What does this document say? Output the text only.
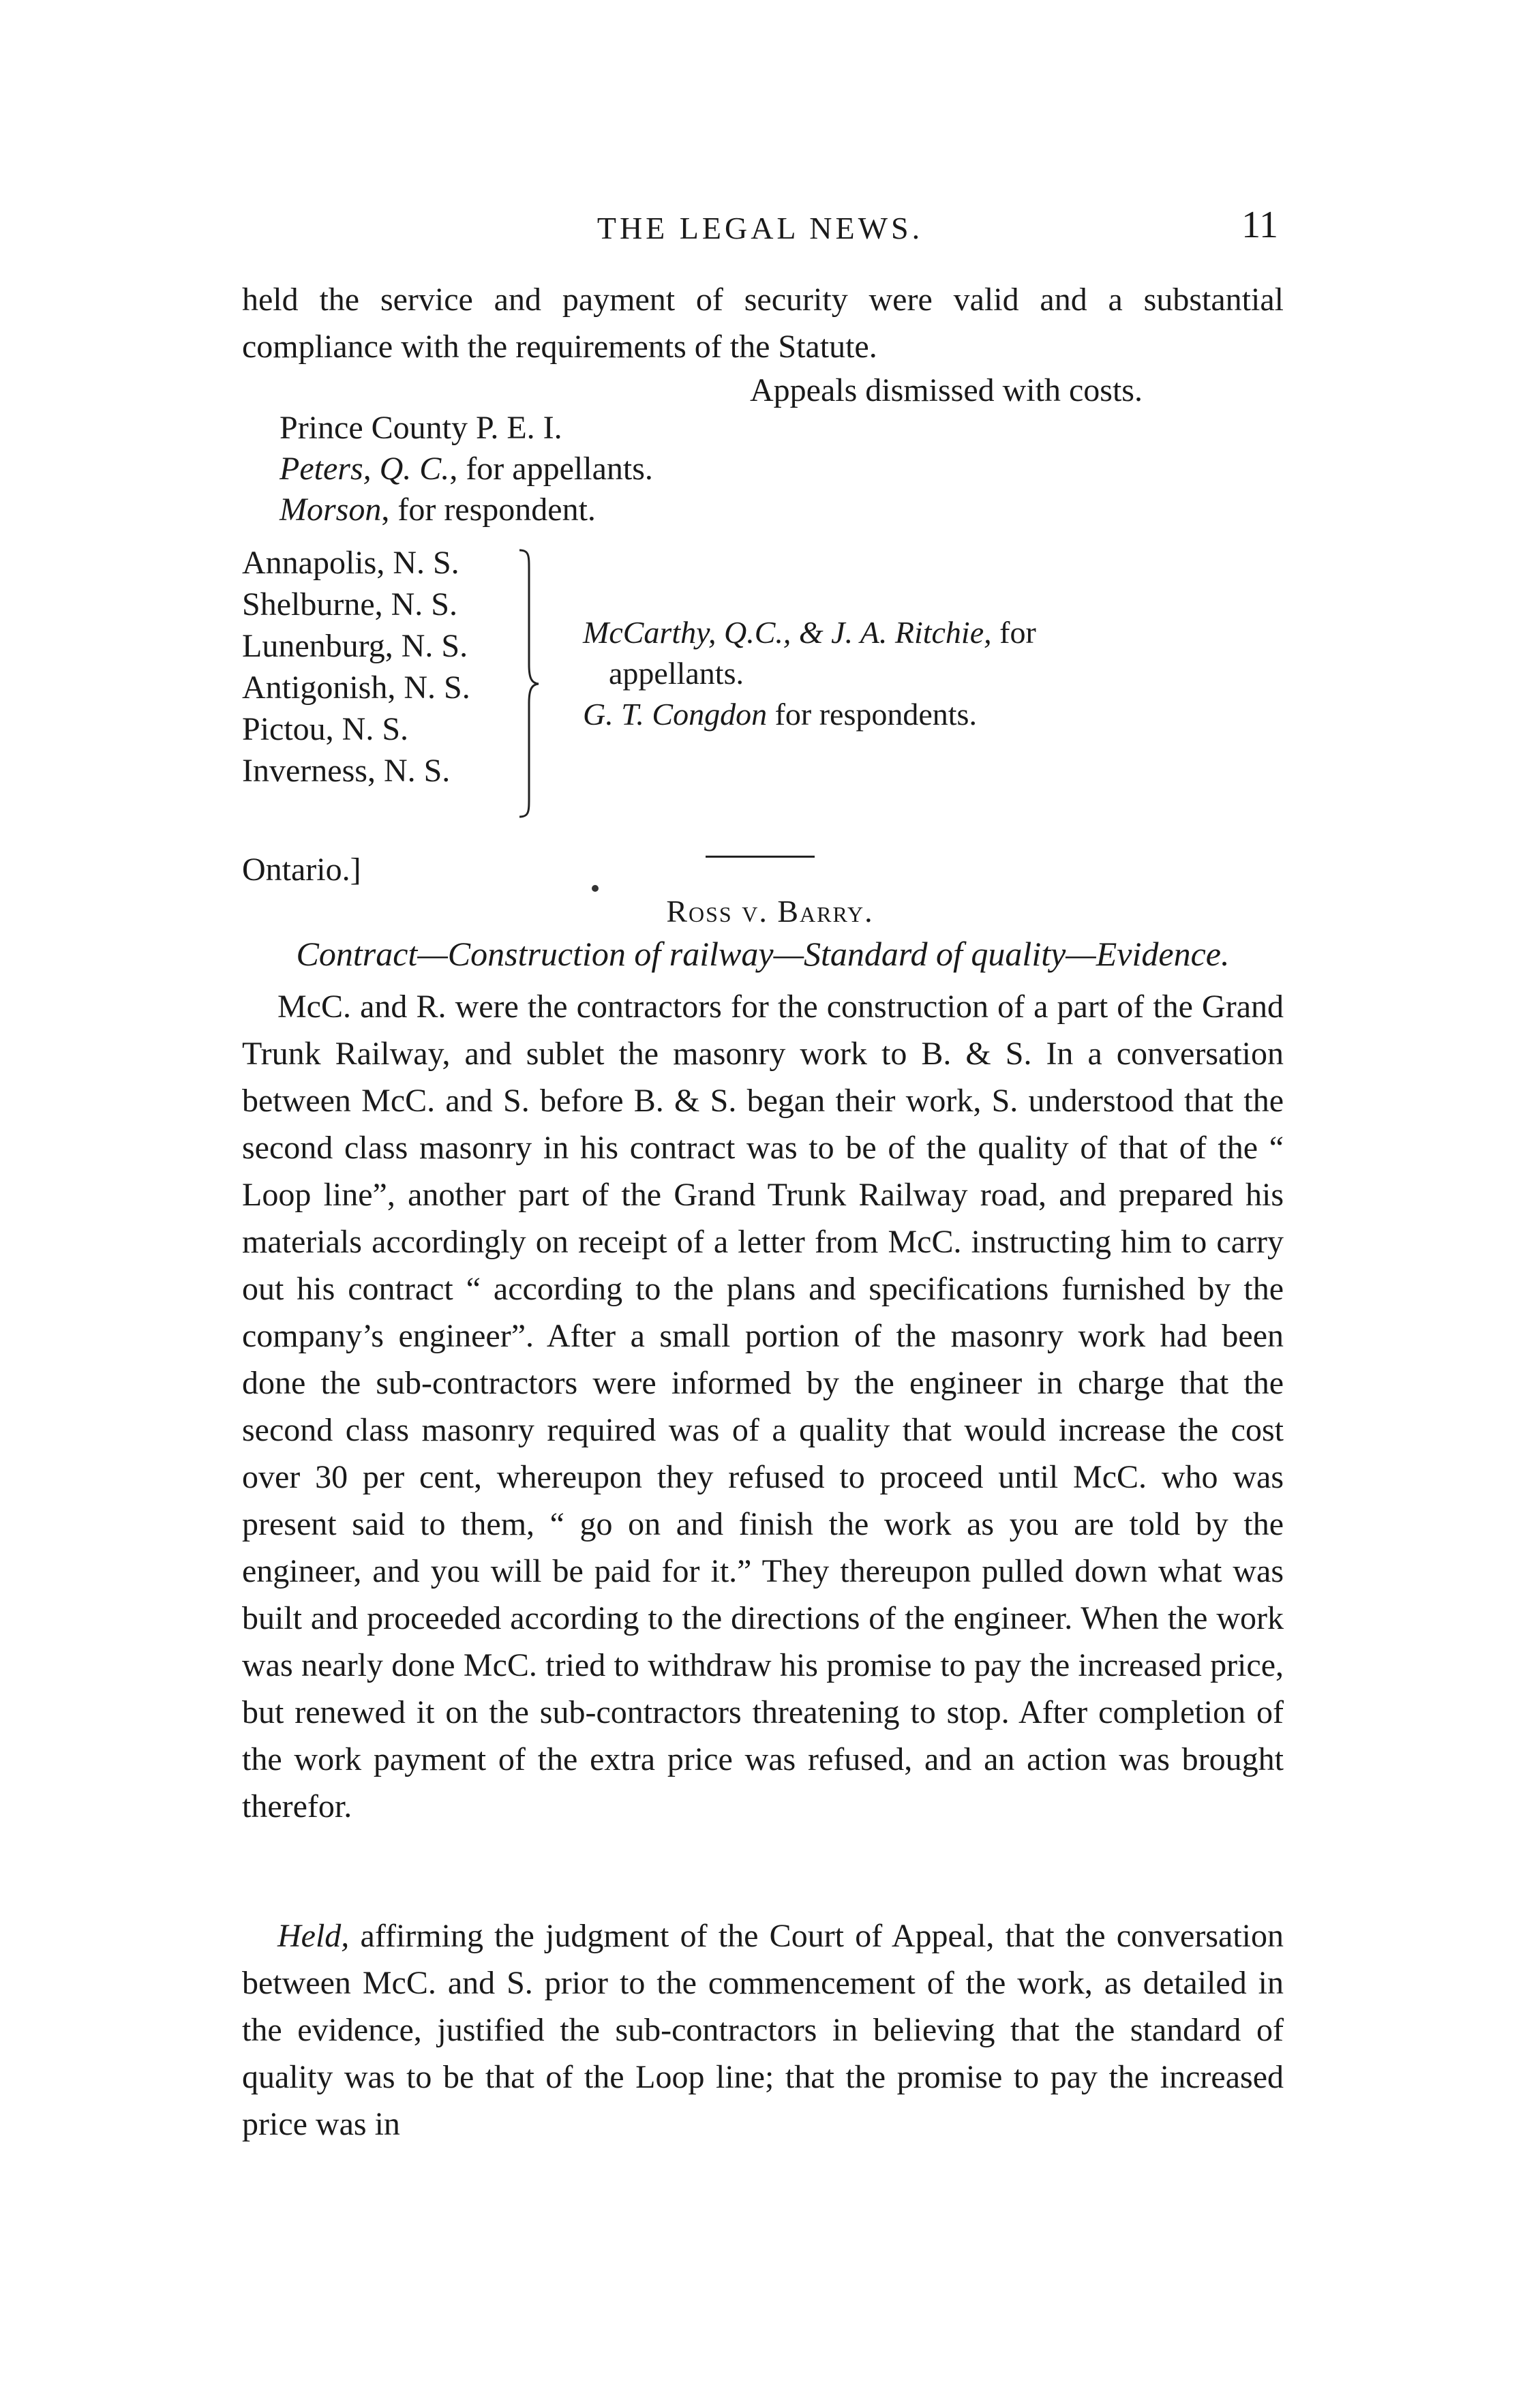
THE LEGAL NEWS.	11

held the service and payment of security were valid and a substantial compliance with the requirements of the Statute.

Appeals dismissed with costs.
Prince County P. E. I.
Peters, Q. C., for appellants.
Morson, for respondent.
Annapolis, N. S.
Shelburne, N. S.
Lunenburg, N. S.
Antigonish, N. S.
Pictou, N. S.
Inverness, N. S.
McCarthy, Q.C., & J. A. Ritchie, for
appellants.
G. T. Congdon for respondents.
Ontario.]
Ross v. Barry.
Contract—Construction of railway—Standard of quality—Evidence.

McC. and R. were the contractors for the construction of a part of the Grand Trunk Railway, and sublet the masonry work to B. & S. In a conversation between McC. and S. before B. & S. began their work, S. understood that the second class masonry in his contract was to be of the quality of that of the “ Loop line”, another part of the Grand Trunk Railway road, and prepared his materials accordingly on receipt of a letter from McC. instructing him to carry out his contract “ according to the plans and specifications furnished by the company’s engineer”. After a small portion of the masonry work had been done the sub-contractors were informed by the engineer in charge that the second class masonry required was of a quality that would increase the cost over 30 per cent, whereupon they refused to proceed until McC. who was present said to them, “ go on and finish the work as you are told by the engineer, and you will be paid for it.” They thereupon pulled down what was built and proceeded according to the directions of the engineer. When the work was nearly done McC. tried to withdraw his promise to pay the increased price, but renewed it on the sub-contractors threatening to stop. After completion of the work payment of the extra price was refused, and an action was brought therefor.

Held, affirming the judgment of the Court of Appeal, that the conversation between McC. and S. prior to the commencement of the work, as detailed in the evidence, justified the sub-contractors in believing that the standard of quality was to be that of the Loop line; that the promise to pay the increased price was in
